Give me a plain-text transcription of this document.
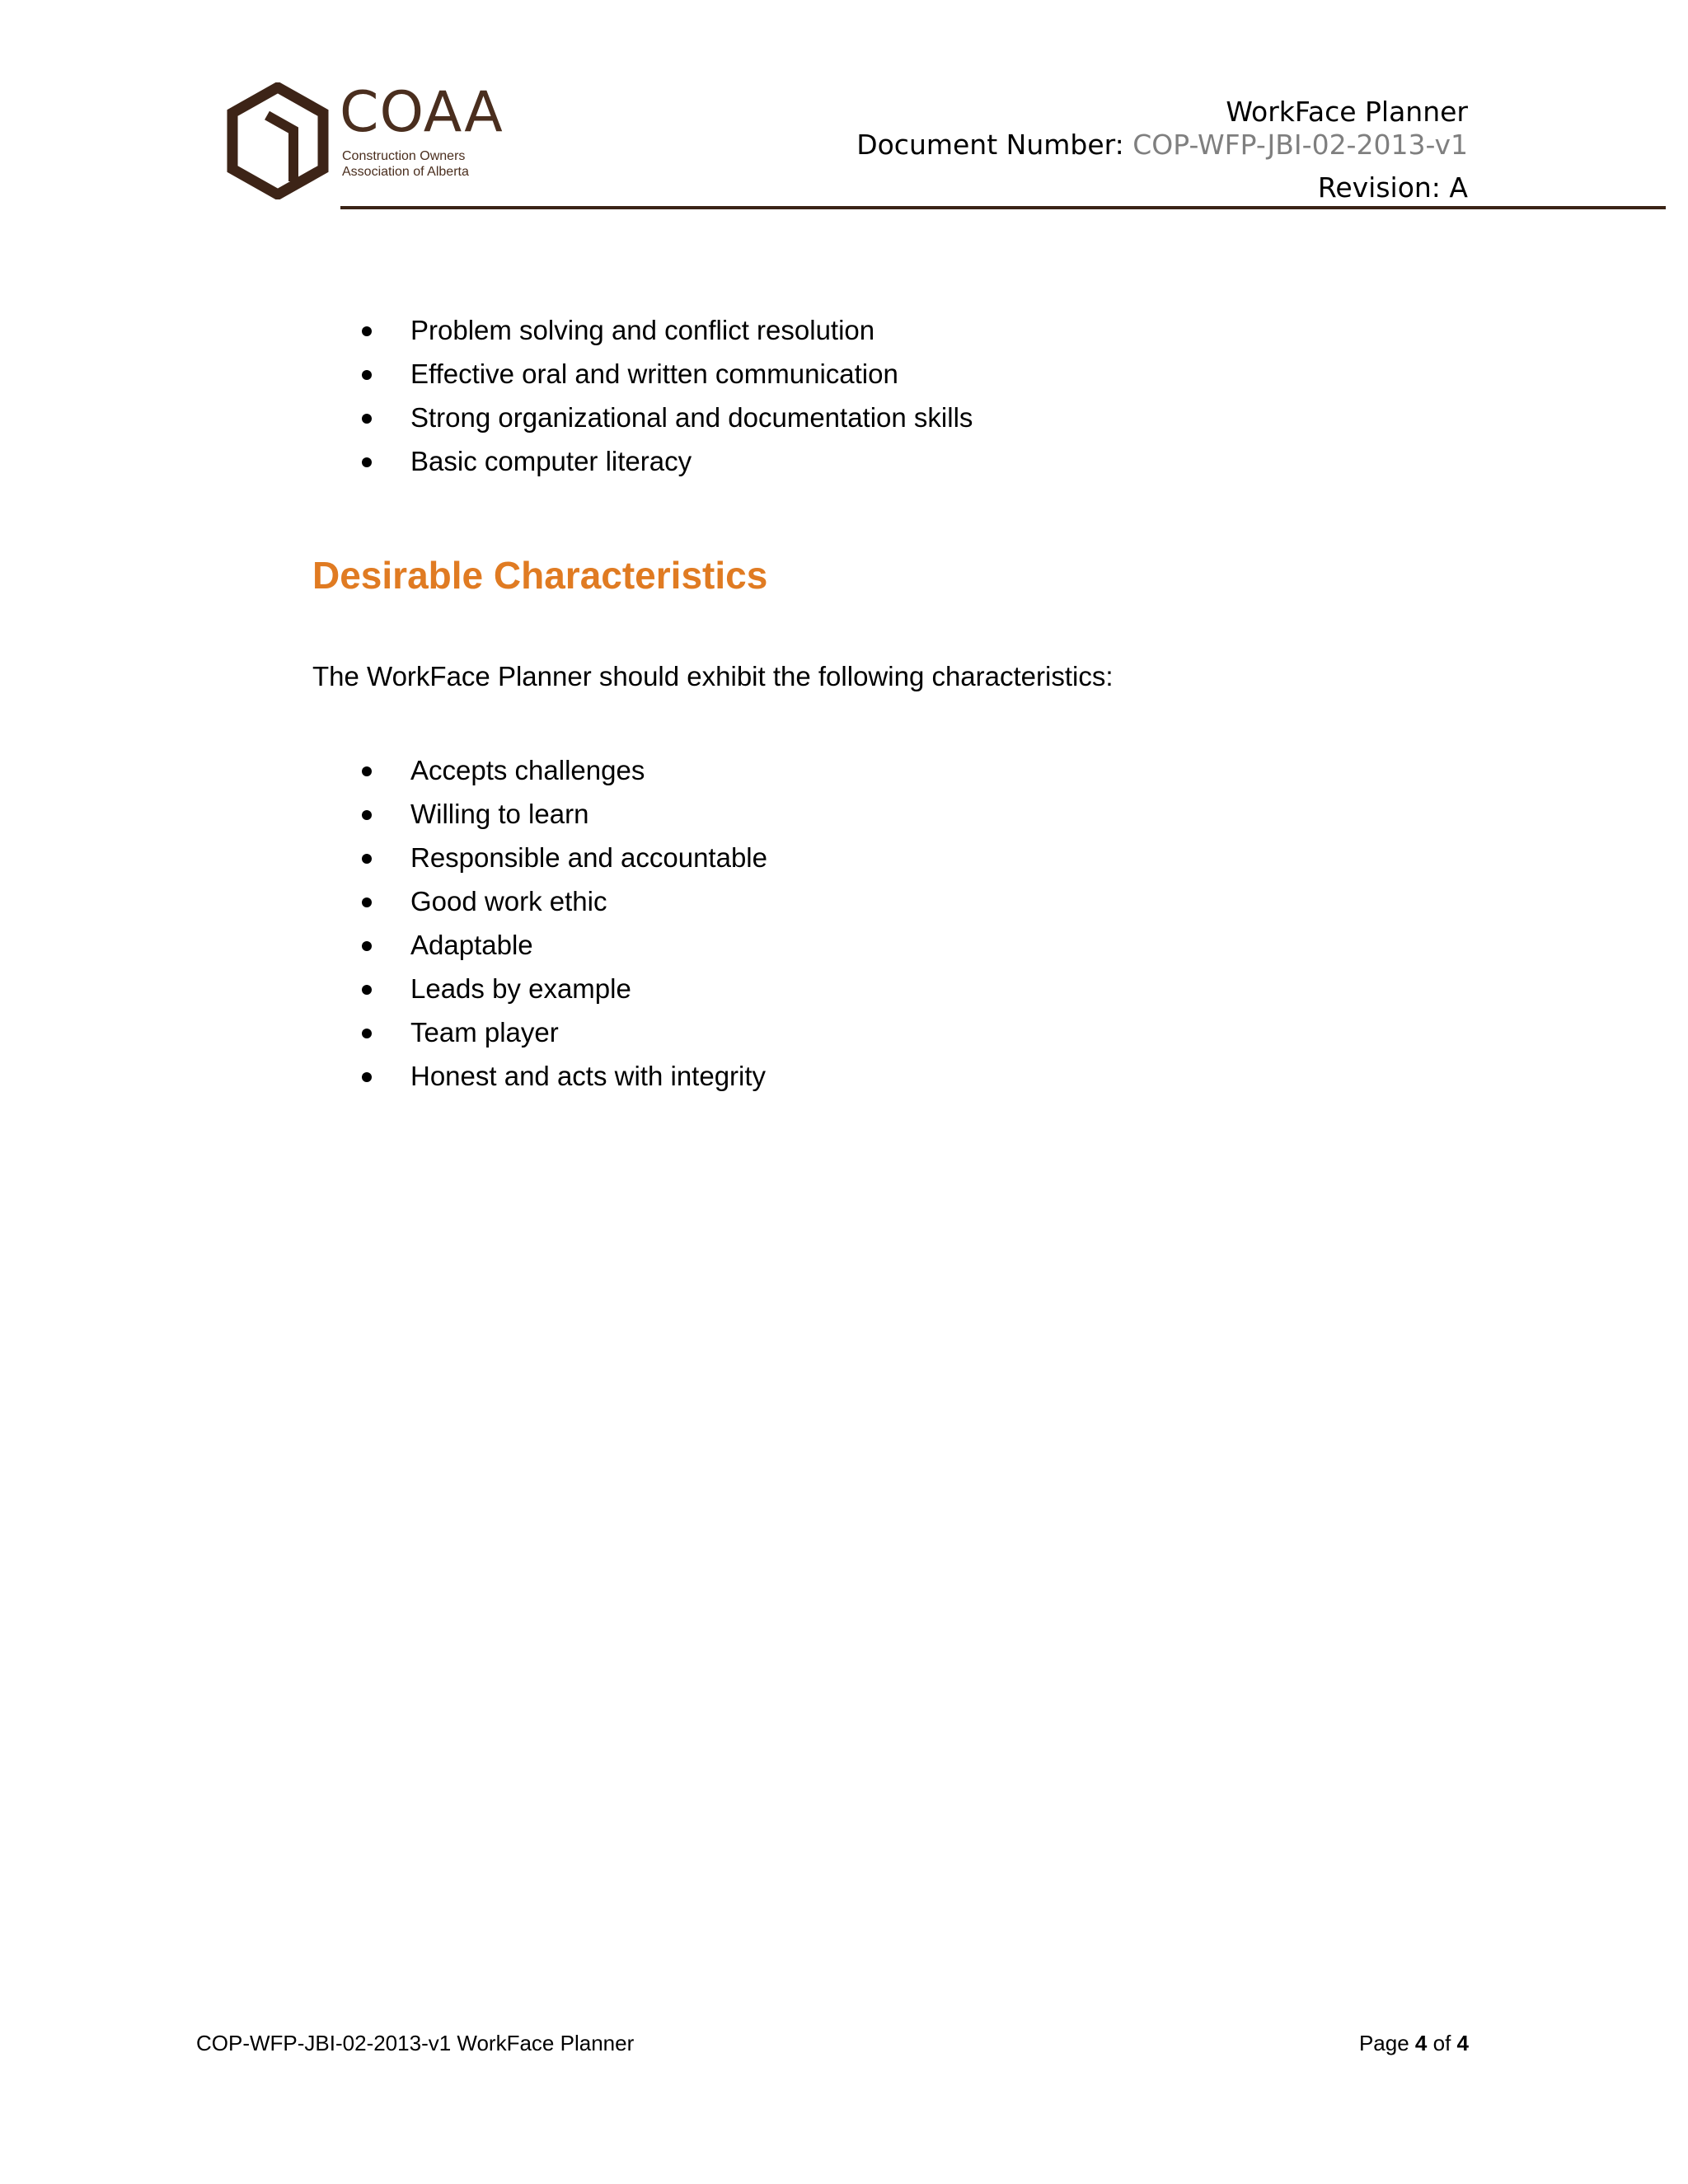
COAA
Construction Owners
Association of Alberta
WorkFace Planner
Document Number: COP-WFP-JBI-02-2013-v1
Revision: A
Problem solving and conflict resolution
Effective oral and written communication
Strong organizational and documentation skills
Basic computer literacy
Desirable Characteristics
The WorkFace Planner should exhibit the following characteristics:
Accepts challenges
Willing to learn
Responsible and accountable
Good work ethic
Adaptable
Leads by example
Team player
Honest and acts with integrity
COP-WFP-JBI-02-2013-v1 WorkFace Planner	Page 4 of 4
